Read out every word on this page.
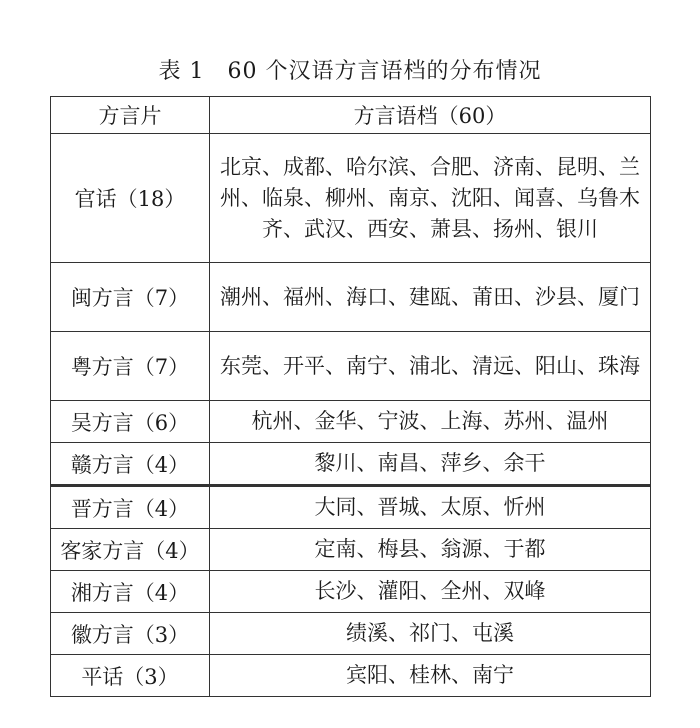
表 1　60 个汉语方言语档的分布情况
方言片	方言语档（60）
官话（18）	北京、成都、哈尔滨、合肥、济南、昆明、兰州、临泉、柳州、南京、沈阳、闻喜、乌鲁木齐、武汉、西安、萧县、扬州、银川
闽方言（7）	潮州、福州、海口、建瓯、莆田、沙县、厦门
粤方言（7）	东莞、开平、南宁、浦北、清远、阳山、珠海
吴方言（6）	杭州、金华、宁波、上海、苏州、温州
赣方言（4）	黎川、南昌、萍乡、余干
晋方言（4）	大同、晋城、太原、忻州
客家方言（4）	定南、梅县、翁源、于都
湘方言（4）	长沙、灌阳、全州、双峰
徽方言（3）	绩溪、祁门、屯溪
平话（3）	宾阳、桂林、南宁
